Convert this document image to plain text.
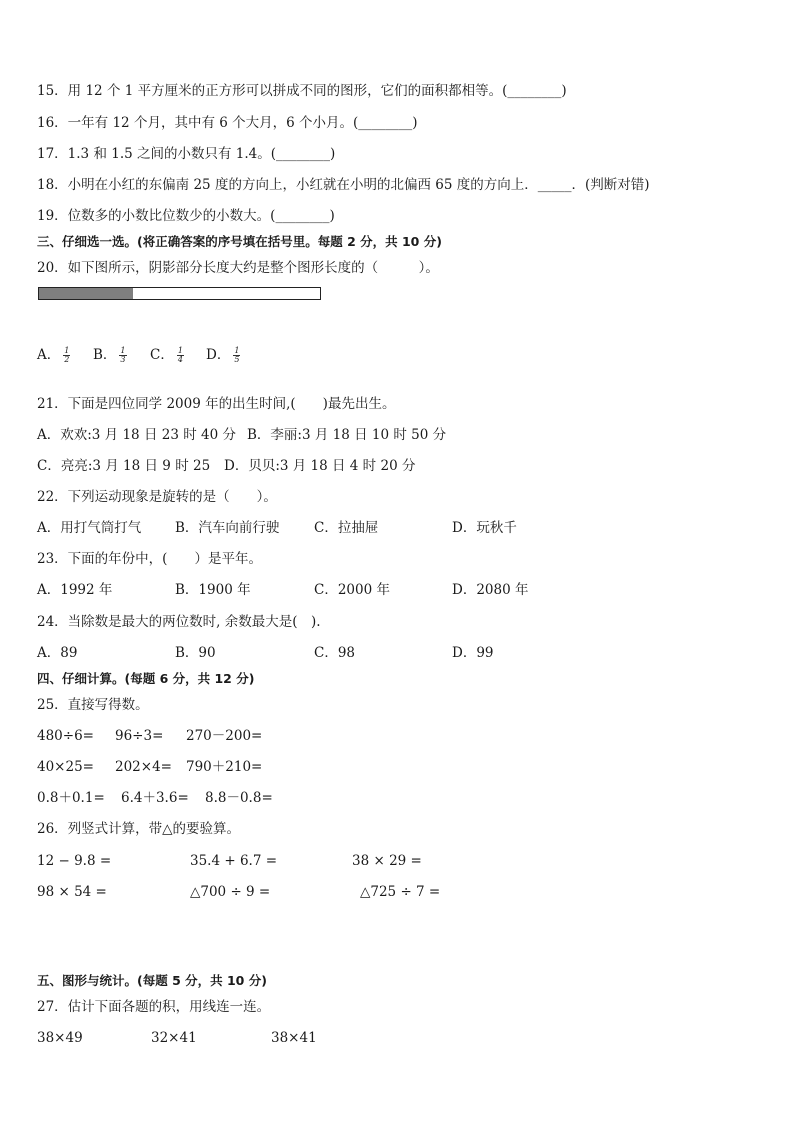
15．用 12 个 1 平方厘米的正方形可以拼成不同的图形，它们的面积都相等。(________)
16．一年有 12 个月，其中有 6 个大月，6 个小月。(________)
17．1.3 和 1.5 之间的小数只有 1.4。(________)
18．小明在小红的东偏南 25 度的方向上，小红就在小明的北偏西 65 度的方向上．_____．(判断对错)
19．位数多的小数比位数少的小数大。(________)
三、仔细选一选。(将正确答案的序号填在括号里。每题 2 分，共 10 分)
20．如下图所示，阴影部分长度大约是整个图形长度的（　　　）。
A． $\frac{1}{2}$ B． $\frac{1}{3}$ C． $\frac{1}{4}$ D． $\frac{1}{5}$
21．下面是四位同学 2009 年的出生时间,(　　)最先出生。
A．欢欢:3 月 18 日 23 时 40 分 B．李丽:3 月 18 日 10 时 50 分
C．亮亮:3 月 18 日 9 时 25 D．贝贝:3 月 18 日 4 时 20 分
22．下列运动现象是旋转的是（　　）。
A．用打气筒打气	B．汽车向前行驶	C．拉抽屉	D．玩秋千
23．下面的年份中，(　　）是平年。
A．1992 年	B．1900 年	C．2000 年	D．2080 年
24．当除数是最大的两位数时, 余数最大是(　).
A．89	B．90	C．98	D．99
四、仔细计算。(每题 6 分，共 12 分)
25．直接写得数。
480÷6= 96÷3= 270－200=
40×25= 202×4= 790＋210=
0.8＋0.1= 6.4＋3.6= 8.8－0.8=
26．列竖式计算，带△的要验算。
12 − 9.8 =	35.4 + 6.7 =	38 × 29 =
98 × 54 =	△700 ÷ 9 =	△725 ÷ 7 =
五、图形与统计。(每题 5 分，共 10 分)
27．估计下面各题的积，用线连一连。
38×49	32×41	38×41
